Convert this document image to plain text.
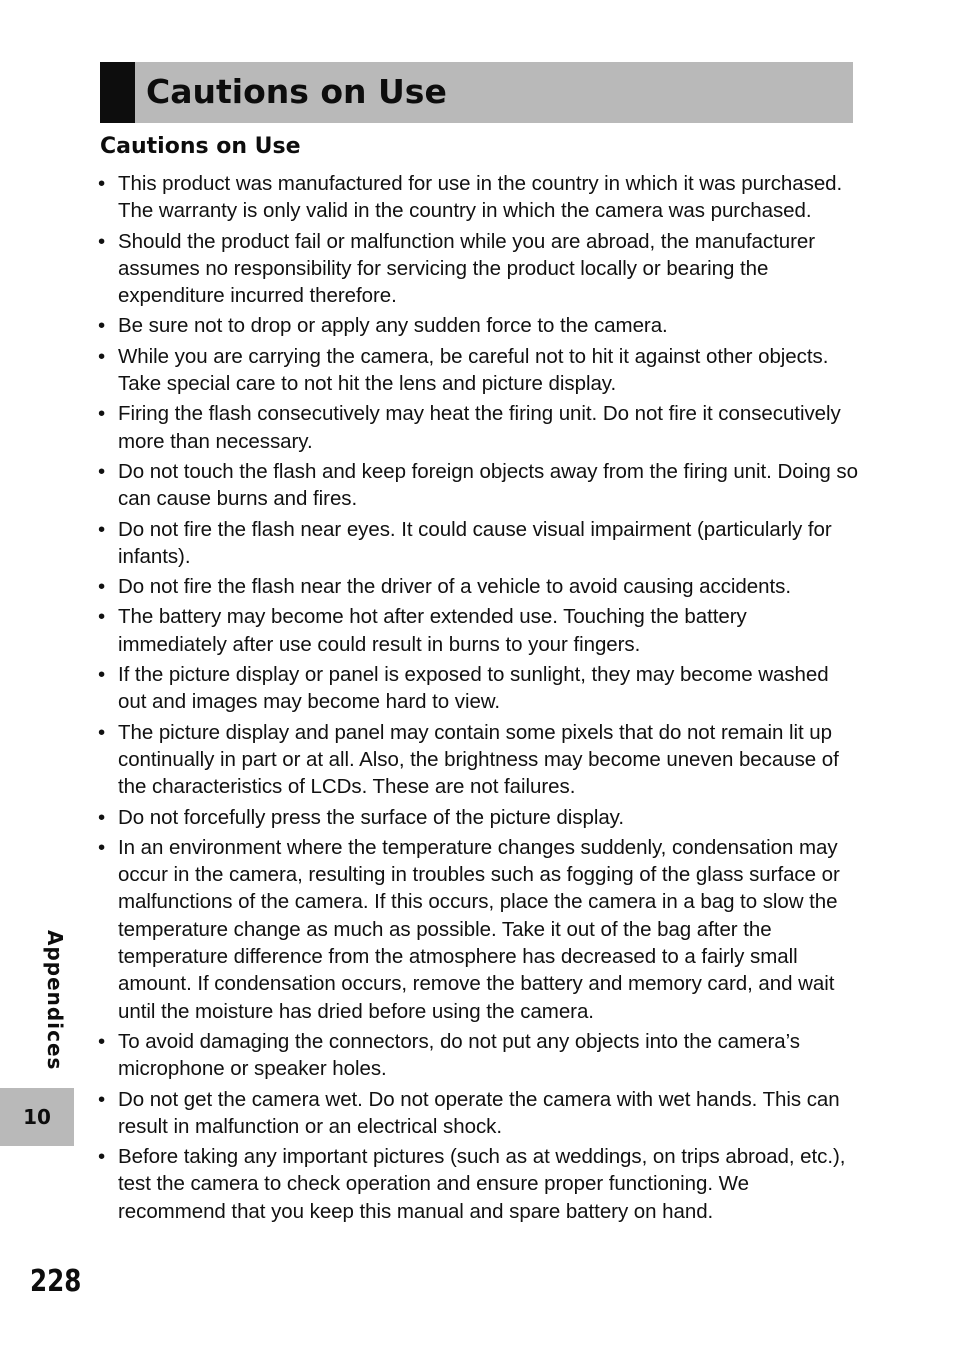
Cautions on Use
Cautions on Use
• This product was manufactured for use in the country in which it was purchased. The warranty is only valid in the country in which the camera was purchased.
• Should the product fail or malfunction while you are abroad, the manufacturer assumes no responsibility for servicing the product locally or bearing the expenditure incurred therefore.
• Be sure not to drop or apply any sudden force to the camera.
• While you are carrying the camera, be careful not to hit it against other objects. Take special care to not hit the lens and picture display.
• Firing the flash consecutively may heat the firing unit. Do not fire it consecutively more than necessary.
• Do not touch the flash and keep foreign objects away from the firing unit. Doing so can cause burns and fires.
• Do not fire the flash near eyes. It could cause visual impairment (particularly for infants).
• Do not fire the flash near the driver of a vehicle to avoid causing accidents.
• The battery may become hot after extended use. Touching the battery immediately after use could result in burns to your fingers.
• If the picture display or panel is exposed to sunlight, they may become washed out and images may become hard to view.
• The picture display and panel may contain some pixels that do not remain lit up continually in part or at all. Also, the brightness may become uneven because of the characteristics of LCDs. These are not failures.
• Do not forcefully press the surface of the picture display.
• In an environment where the temperature changes suddenly, condensation may occur in the camera, resulting in troubles such as fogging of the glass surface or malfunctions of the camera. If this occurs, place the camera in a bag to slow the temperature change as much as possible. Take it out of the bag after the temperature difference from the atmosphere has decreased to a fairly small amount. If condensation occurs, remove the battery and memory card, and wait until the moisture has dried before using the camera.
• To avoid damaging the connectors, do not put any objects into the camera’s microphone or speaker holes.
• Do not get the camera wet. Do not operate the camera with wet hands. This can result in malfunction or an electrical shock.
• Before taking any important pictures (such as at weddings, on trips abroad, etc.), test the camera to check operation and ensure proper functioning. We recommend that you keep this manual and spare battery on hand.
Appendices
10
228
